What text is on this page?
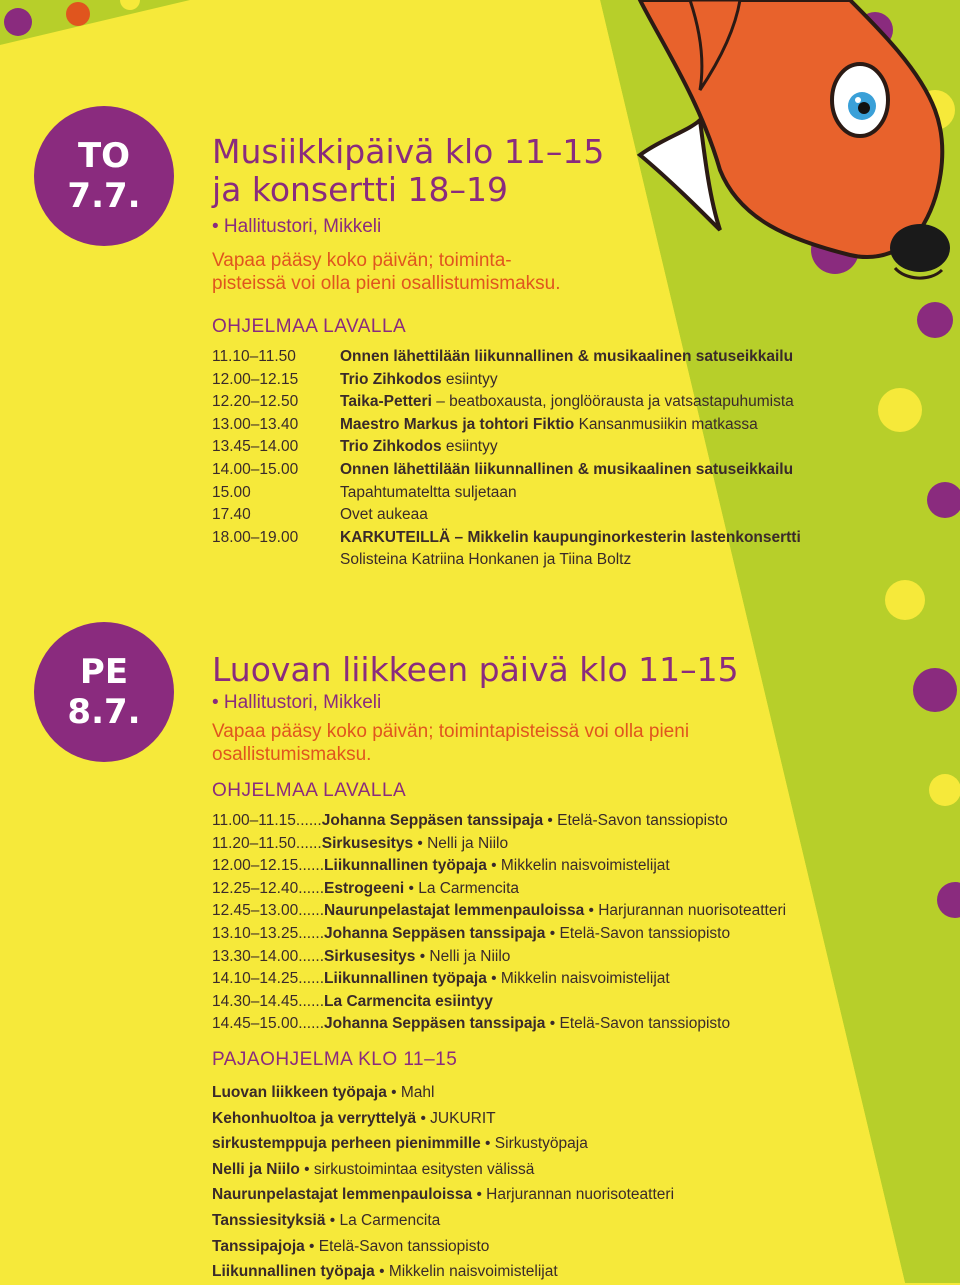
TO
7.7.
Musiikkipäivä klo 11–15
ja konsertti 18–19
• Hallitustori, Mikkeli
Vapaa pääsy koko päivän; toiminta-
pisteissä voi olla pieni osallistumismaksu.
OHJELMAA LAVALLA
11.10–11.50	Onnen lähettilään liikunnallinen & musikaalinen satuseikkailu
12.00–12.15	Trio Zihkodos esiintyy
12.20–12.50	Taika-Petteri – beatboxausta, jonglöörausta ja vatsastapuhumista
13.00–13.40	Maestro Markus ja tohtori Fiktio Kansanmusiikin matkassa
13.45–14.00	Trio Zihkodos esiintyy
14.00–15.00	Onnen lähettilään liikunnallinen & musikaalinen satuseikkailu
15.00	Tapahtumateltta suljetaan
17.40	Ovet aukeaa
18.00–19.00	KARKUTEILLÄ – Mikkelin kaupunginorkesterin lastenkonsertti
Solisteina Katriina Honkanen ja Tiina Boltz
PE
8.7.
Luovan liikkeen päivä klo 11–15
• Hallitustori, Mikkeli
Vapaa pääsy koko päivän; toimintapisteissä voi olla pieni
osallistumismaksu.
OHJELMAA LAVALLA
11.00–11.15......Johanna Seppäsen tanssipaja • Etelä-Savon tanssiopisto
11.20–11.50......Sirkusesitys • Nelli ja Niilo
12.00–12.15......Liikunnallinen työpaja • Mikkelin naisvoimistelijat
12.25–12.40......Estrogeeni • La Carmencita
12.45–13.00......Naurunpelastajat lemmenpauloissa • Harjurannan nuorisoteatteri
13.10–13.25......Johanna Seppäsen tanssipaja • Etelä-Savon tanssiopisto
13.30–14.00......Sirkusesitys • Nelli ja Niilo
14.10–14.25......Liikunnallinen työpaja • Mikkelin naisvoimistelijat
14.30–14.45......La Carmencita esiintyy
14.45–15.00......Johanna Seppäsen tanssipaja • Etelä-Savon tanssiopisto
PAJAOHJELMA KLO 11–15
Luovan liikkeen työpaja • Mahl
Kehonhuoltoa ja verryttelyä • JUKURIT
sirkustemppuja perheen pienimmille • Sirkustyöpaja
Nelli ja Niilo • sirkustoimintaa esitysten välissä
Naurunpelastajat lemmenpauloissa • Harjurannan nuorisoteatteri
Tanssiesityksiä • La Carmencita
Tanssipajoja • Etelä-Savon tanssiopisto
Liikunnallinen työpaja • Mikkelin naisvoimistelijat
